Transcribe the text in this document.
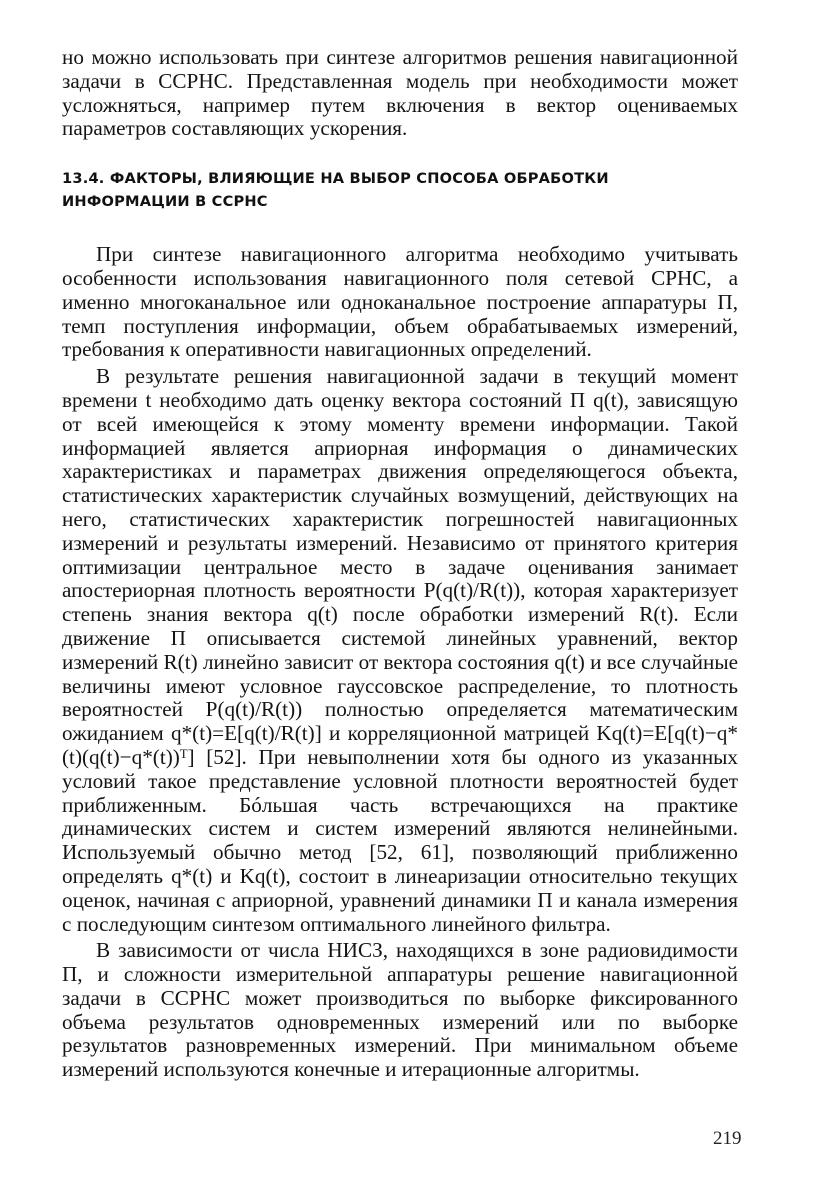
но можно использовать при синтезе алгоритмов решения навигационной задачи в ССРНС. Представленная модель при необходимости может усложняться, например путем включения в вектор оцениваемых параметров составляющих ускорения.

13.4. ФАКТОРЫ, ВЛИЯЮЩИЕ НА ВЫБОР СПОСОБА ОБРАБОТКИ
ИНФОРМАЦИИ В ССРНС

При синтезе навигационного алгоритма необходимо учитывать особенности использования навигационного поля сетевой СРНС, а именно многоканальное или одноканальное построение аппаратуры П, темп поступления информации, объем обрабатываемых измерений, требования к оперативности навигационных определений.

В результате решения навигационной задачи в текущий момент времени t необходимо дать оценку вектора состояний П q(t), зависящую от всей имеющейся к этому моменту времени информации. Такой информацией является априорная информация о динамических характеристиках и параметрах движения определяющегося объекта, статистических характеристик случайных возмущений, действующих на него, статистических характеристик погрешностей навигационных измерений и результаты измерений. Независимо от принятого критерия оптимизации центральное место в задаче оценивания занимает апостериорная плотность вероятности P(q(t)/R(t)), которая характеризует степень знания вектора q(t) после обработки измерений R(t). Если движение П описывается системой линейных уравнений, вектор измерений R(t) линейно зависит от вектора состояния q(t) и все случайные величины имеют условное гауссовское распределение, то плотность вероятностей P(q(t)/R(t)) полностью определяется математическим ожиданием q*(t)=E[q(t)/R(t)] и корреляционной матрицей Kq(t)=E[q(t)−q*(t)(q(t)−q*(t))ᵀ] [52]. При невыполнении хотя бы одного из указанных условий такое представление условной плотности вероятностей будет приближенным. Бóльшая часть встречающихся на практике динамических систем и систем измерений являются нелинейными. Используемый обычно метод [52, 61], позволяющий приближенно определять q*(t) и Kq(t), состоит в линеаризации относительно текущих оценок, начиная с априорной, уравнений динамики П и канала измерения с последующим синтезом оптимального линейного фильтра.

В зависимости от числа НИСЗ, находящихся в зоне радиовидимости П, и сложности измерительной аппаратуры решение навигационной задачи в ССРНС может производиться по выборке фиксированного объема результатов одновременных измерений или по выборке результатов разновременных измерений. При минимальном объеме измерений используются конечные и итерационные алгоритмы.

219
